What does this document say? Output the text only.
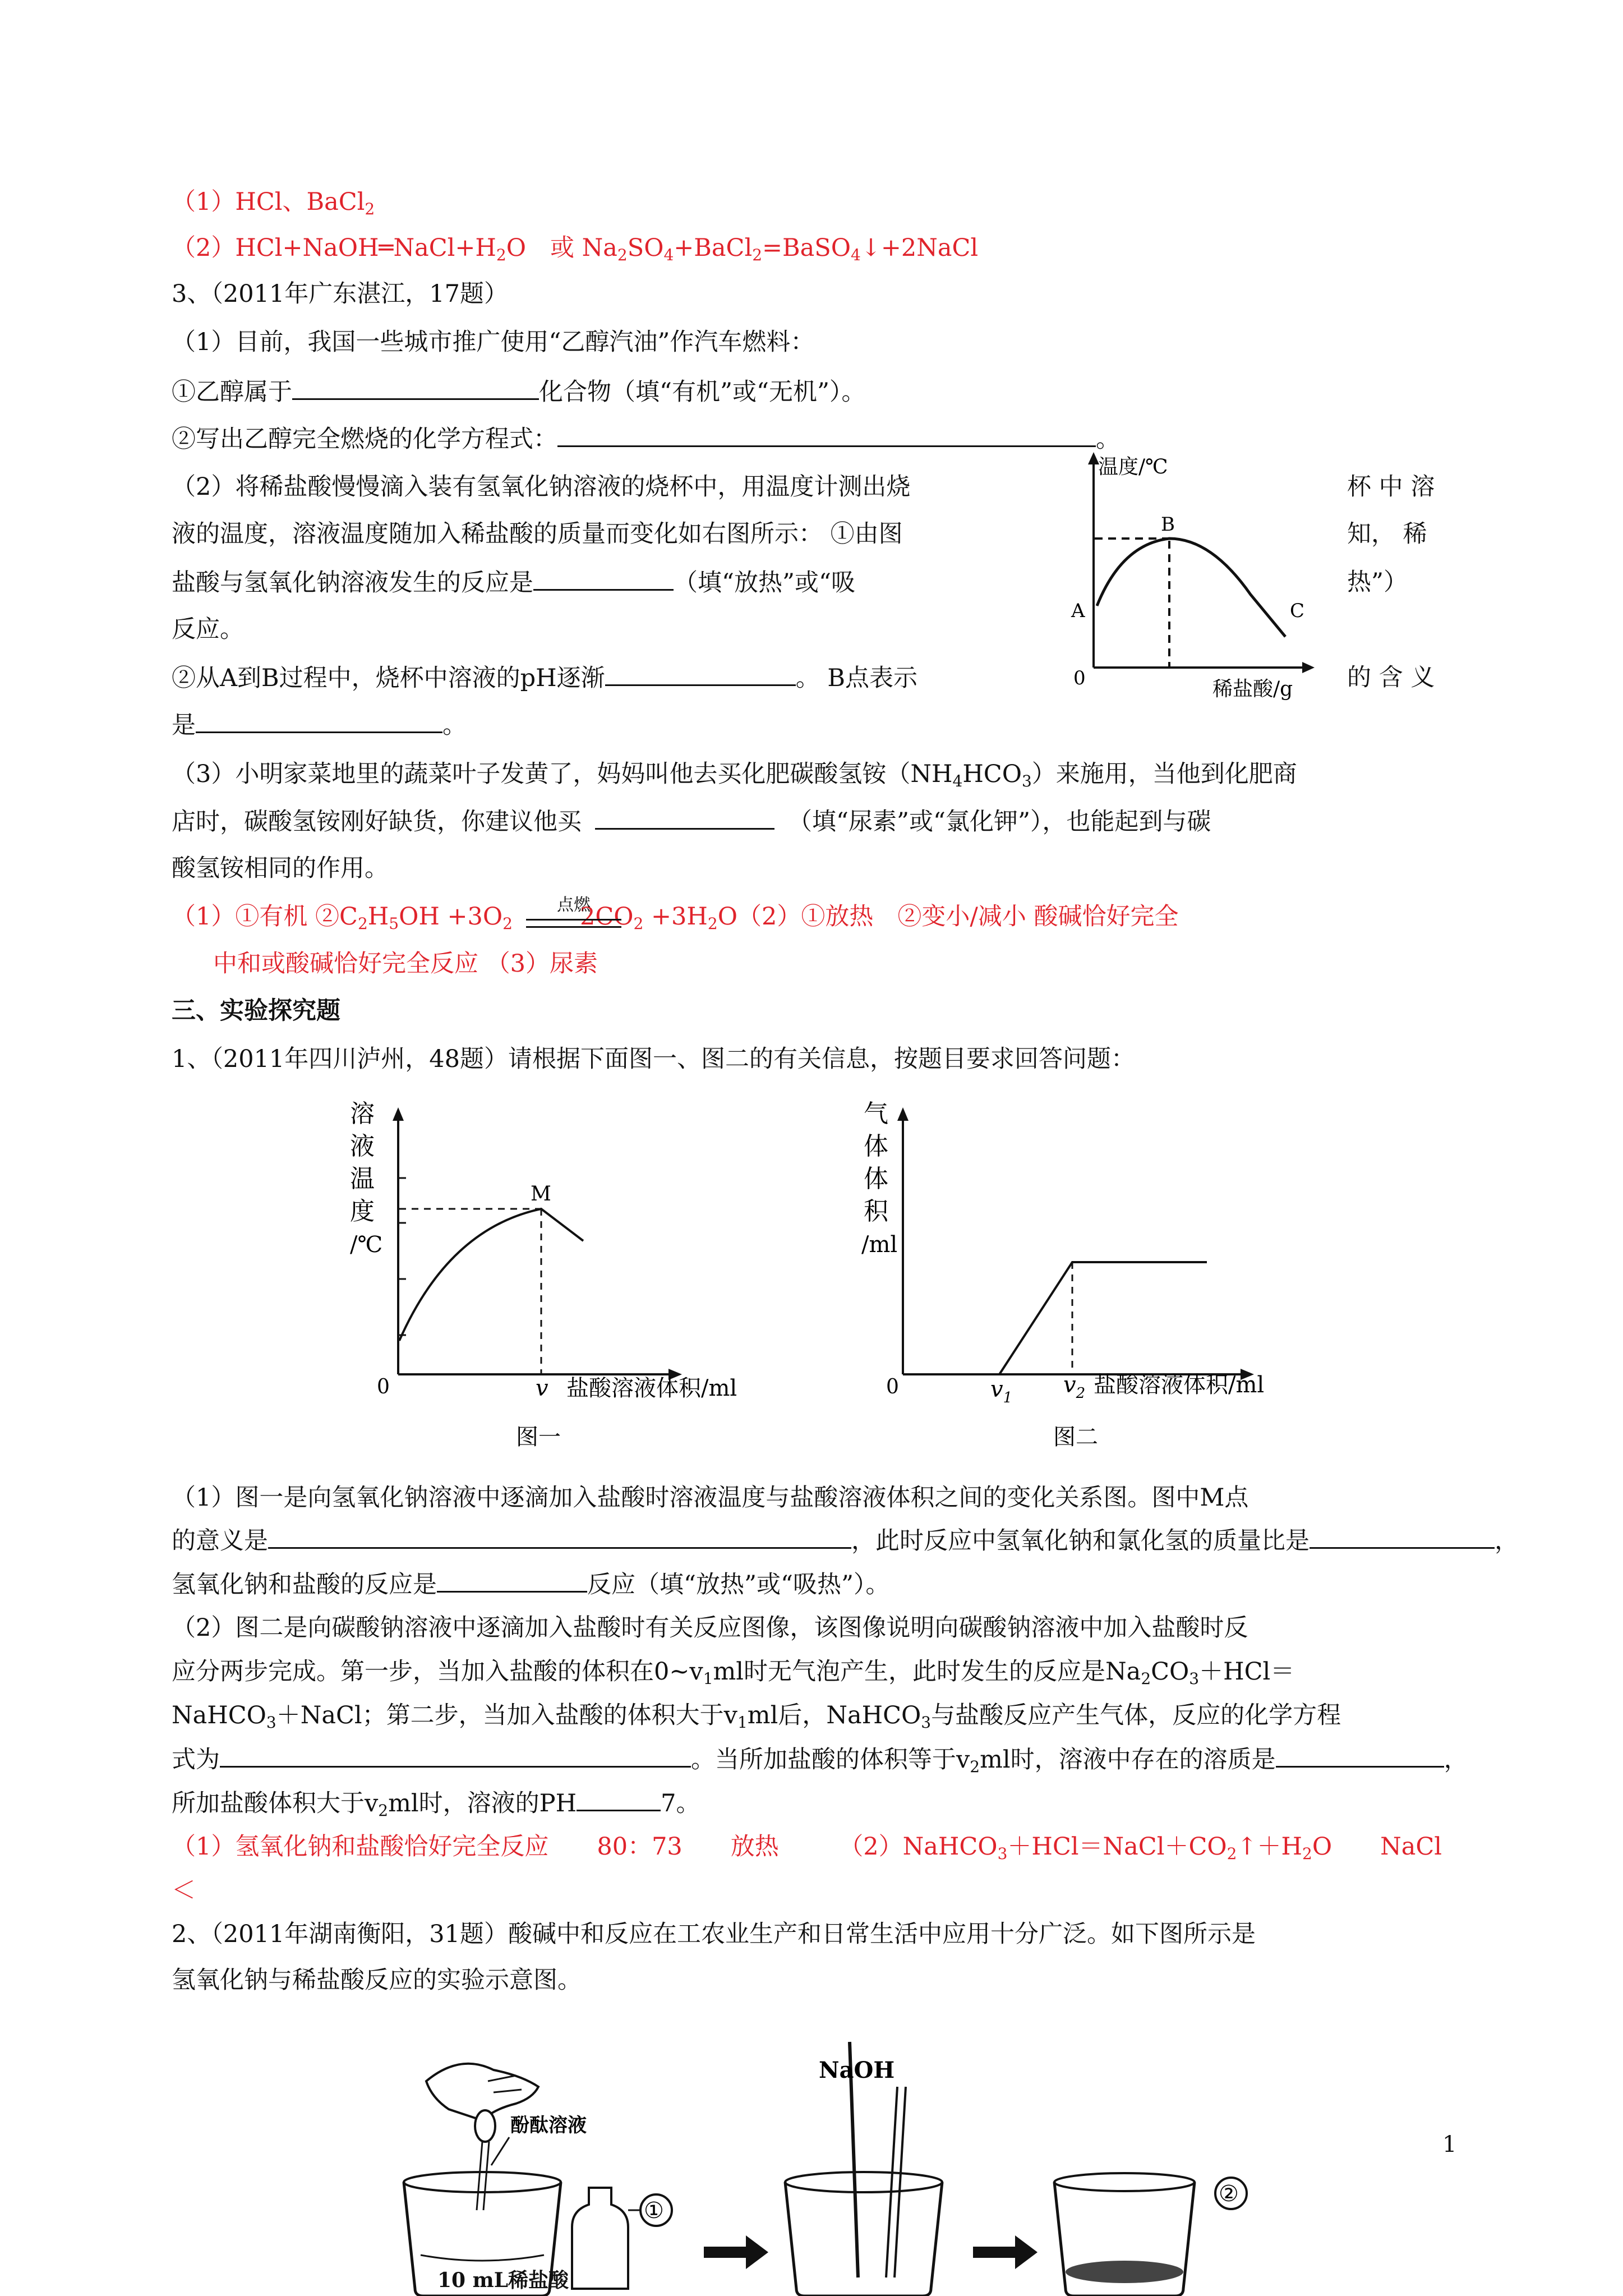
（1）HCl、BaCl$_2$
$(2)HCl+NaOH═NaCl+H_2O$　或 $Na_2SO_4+BaCl_2=BaSO_4↓+2NaCl$
3、（2011年广东湛江，17题）
（1）目前，我国一些城市推广使用“乙醇汽油”作汽车燃料：
①乙醇属于	化合物（填“有机”或“无机”）。
②写出乙醇完全燃烧的化学方程式：	。
（2）将稀盐酸慢慢滴入装有氢氧化钠溶液的烧杯中，用温度计测出烧	杯 中 溶
液的温度，溶液温度随加入稀盐酸的质量而变化如右图所示： ①由图	知， 稀
盐酸与氢氧化钠溶液发生的反应是	（填“放热”或“吸	热”）
反应。
②从A到B过程中，烧杯中溶液的pH逐渐	。 B点表示	的 含 义
是	。
温度/℃
A
B
C
0	稀盐酸/g
（3）小明家菜地里的蔬菜叶子发黄了，妈妈叫他去买化肥碳酸氢铵$(NH_4HCO_3)$来施用，当他到化肥商
店时，碳酸氢铵刚好缺货，你建议他买	（填“尿素”或“氯化钾”），也能起到与碳
酸氢铵相同的作用。
（1）①有机 $②C_2H_5OH +3O_2$	$2CO_2$ $+3H_2O(2)①$放热　②变小/减小 酸碱恰好完全
点燃
中和或酸碱恰好完全反应 （3）尿素
三、实验探究题
1、（2011年四川泸州，48题）请根据下面图一、图二的有关信息，按题目要求回答问题：
溶
液
温
度
/℃
M
0	v 盐酸溶液体积/ml
图一
气
体
体
积
/ml
0	$v_1$ $v_2$ 盐酸溶液体积/ml
图二
（1）图一是向氢氧化钠溶液中逐滴加入盐酸时溶液温度与盐酸溶液体积之间的变化关系图。图中M点
的意义是	，此时反应中氢氧化钠和氯化氢的质量比是	，
氢氧化钠和盐酸的反应是	反应（填“放热”或“吸热”）。
（2）图二是向碳酸钠溶液中逐滴加入盐酸时有关反应图像，该图像说明向碳酸钠溶液中加入盐酸时反
应分两步完成。第一步，当加入盐酸的体积在$0\sim v_1ml$时无气泡产生，此时发生的反应是$Na_2CO_3+HCl=$
NaHCO$_3$＋NaCl；第二步，当加入盐酸的体积大于$v_1ml$后，NaHCO$_3$与盐酸反应产生气体，反应的化学方程
式为	。当所加盐酸的体积等于$v_2ml$时，溶液中存在的溶质是	，
所加盐酸体积大于$v_2ml$时，溶液的PH	7。
（1）氢氧化钠和盐酸恰好完全反应　　80：73　　放热　　　$(2)NaHCO_3+HCl=NaCl+CO_2↑+H_2O$　　NaCl
＜
2、（2011年湖南衡阳，31题）酸碱中和反应在工农业生产和日常生活中应用十分广泛。如下图所示是
氢氧化钠与稀盐酸反应的实验示意图。
酚酞溶液
①
NaOH
②
10 mL稀盐酸
1
